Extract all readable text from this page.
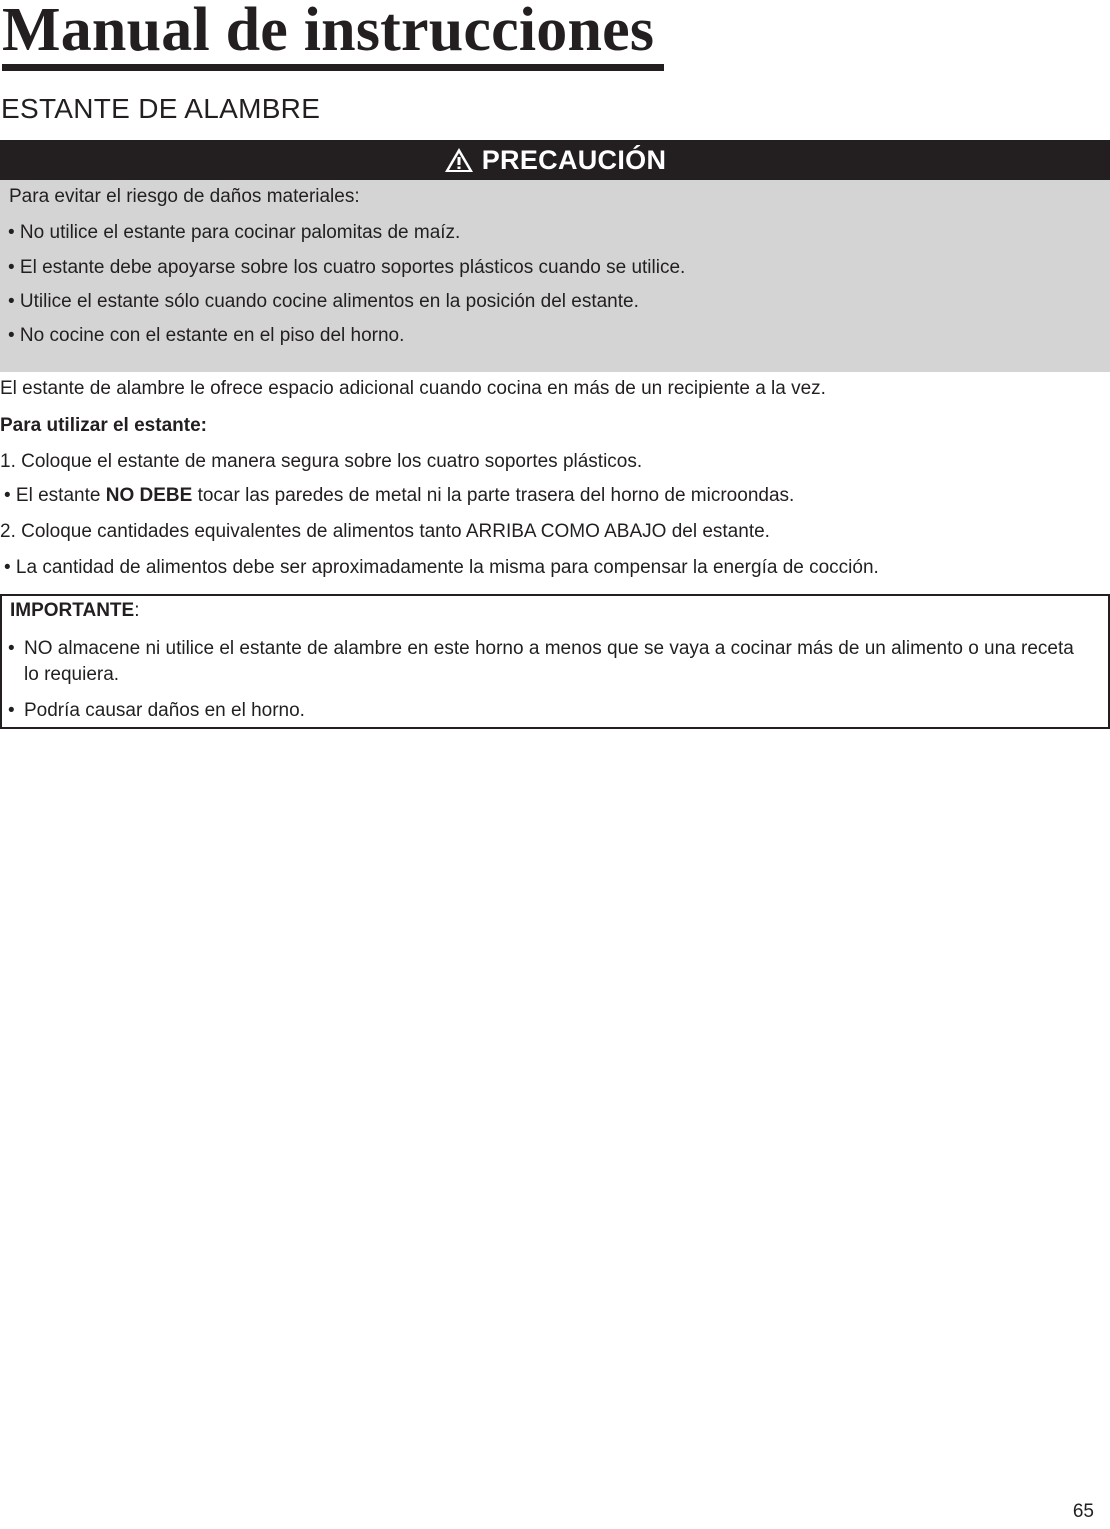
Manual de instrucciones
ESTANTE DE ALAMBRE
PRECAUCIÓN
Para evitar el riesgo de daños materiales:
• No utilice el estante para cocinar palomitas de maíz.
• El estante debe apoyarse sobre los cuatro soportes plásticos cuando se utilice.
• Utilice el estante sólo cuando cocine alimentos en la posición del estante.
• No cocine con el estante en el piso del horno.
El estante de alambre le ofrece espacio adicional cuando cocina en más de un recipiente a la vez.
Para utilizar el estante:
1. Coloque el estante de manera segura sobre los cuatro soportes plásticos.
• El estante NO DEBE tocar las paredes de metal ni la parte trasera del horno de microondas.
2. Coloque cantidades equivalentes de alimentos tanto ARRIBA COMO ABAJO del estante.
• La cantidad de alimentos debe ser aproximadamente la misma para compensar la energía de cocción.
IMPORTANTE:
• NO almacene ni utilice el estante de alambre en este horno a menos que se vaya a cocinar más de un alimento o una receta lo requiera.
• Podría causar daños en el horno.
65
